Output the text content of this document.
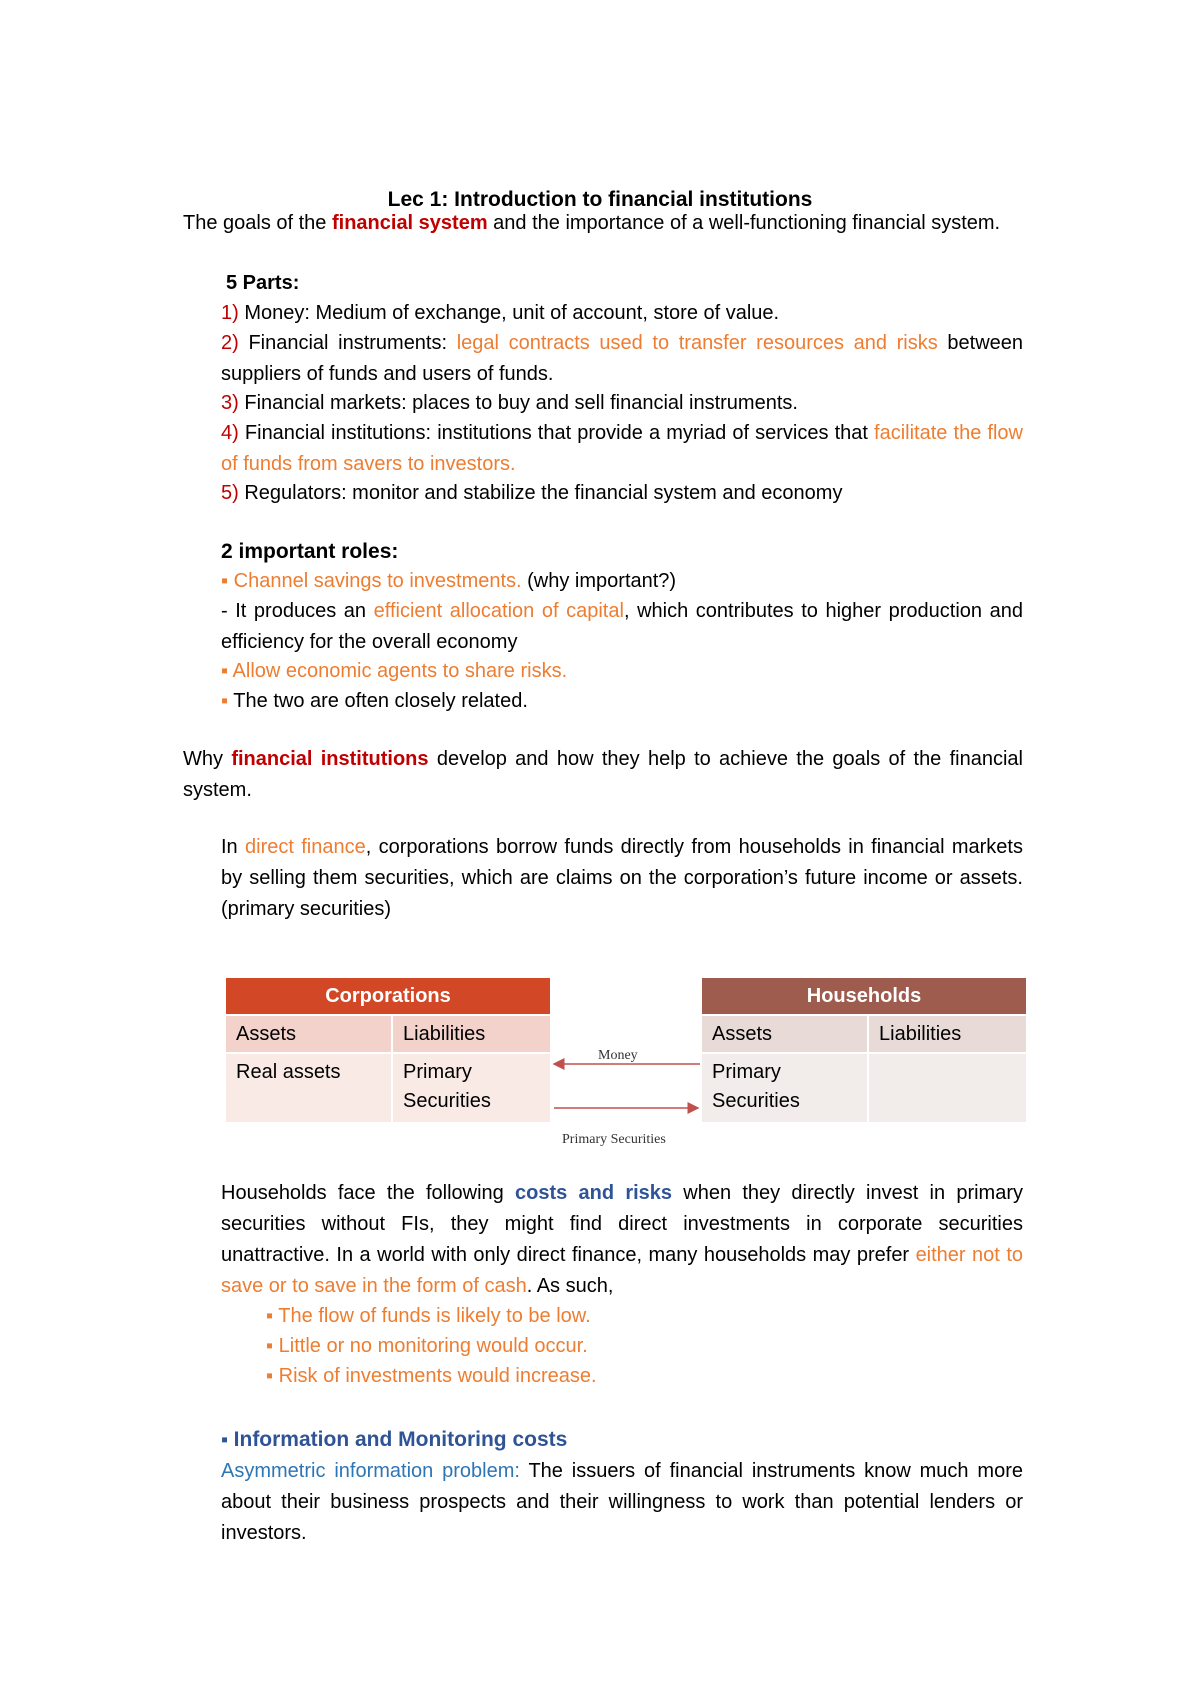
Lec 1: Introduction to financial institutions
The goals of the financial system and the importance of a well-functioning financial system.
5 Parts:
1) Money: Medium of exchange, unit of account, store of value.
2) Financial instruments: legal contracts used to transfer resources and risks between suppliers of funds and users of funds.
3) Financial markets: places to buy and sell financial instruments.
4) Financial institutions: institutions that provide a myriad of services that facilitate the flow of funds from savers to investors.
5) Regulators: monitor and stabilize the financial system and economy
2 important roles:
▪ Channel savings to investments. (why important?)
- It produces an efficient allocation of capital, which contributes to higher production and efficiency for the overall economy
▪ Allow economic agents to share risks.
▪ The two are often closely related.
Why financial institutions develop and how they help to achieve the goals of the financial system.
In direct finance, corporations borrow funds directly from households in financial markets by selling them securities, which are claims on the corporation’s future income or assets. (primary securities)
Corporations	
Assets	Liabilities
Real assets	Primary Securities
Households	
Assets	Liabilities
Primary Securities	
Money
Primary Securities
Households face the following costs and risks when they directly invest in primary securities without FIs, they might find direct investments in corporate securities unattractive. In a world with only direct finance, many households may prefer either not to save or to save in the form of cash. As such,
▪ The flow of funds is likely to be low.
▪ Little or no monitoring would occur.
▪ Risk of investments would increase.
▪ Information and Monitoring costs
Asymmetric information problem: The issuers of financial instruments know much more about their business prospects and their willingness to work than potential lenders or investors.
